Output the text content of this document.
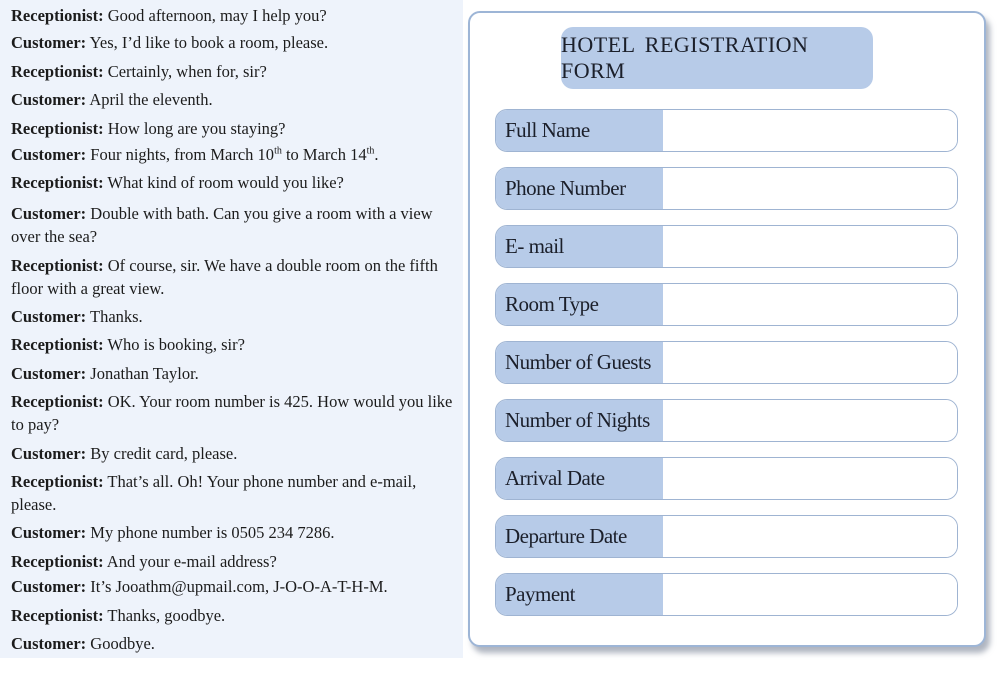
Receptionist: Good afternoon, may I help you?
Customer: Yes, I’d like to book a room, please.
Receptionist: Certainly, when for, sir?
Customer: April the eleventh.
Receptionist: How long are you staying?
Customer: Four nights, from March 10th to March 14th.
Receptionist: What kind of room would you like?
Customer: Double with bath. Can you give a room with a view over the sea?
Receptionist: Of course, sir. We have a double room on the fifth floor with a great view.
Customer: Thanks.
Receptionist: Who is booking, sir?
Customer: Jonathan Taylor.
Receptionist: OK. Your room number is 425. How would you like to pay?
Customer: By credit card, please.
Receptionist: That’s all. Oh! Your phone number and e-mail, please.
Customer: My phone number is 0505 234 7286.
Receptionist: And your e-mail address?
Customer: It’s Jooathm@upmail.com, J-O-O-A-T-H-M.
Receptionist: Thanks, goodbye.
Customer: Goodbye.
HOTEL REGISTRATION FORM
Full Name
Phone Number
E- mail
Room Type
Number of Guests
Number of Nights
Arrival Date
Departure Date
Payment
